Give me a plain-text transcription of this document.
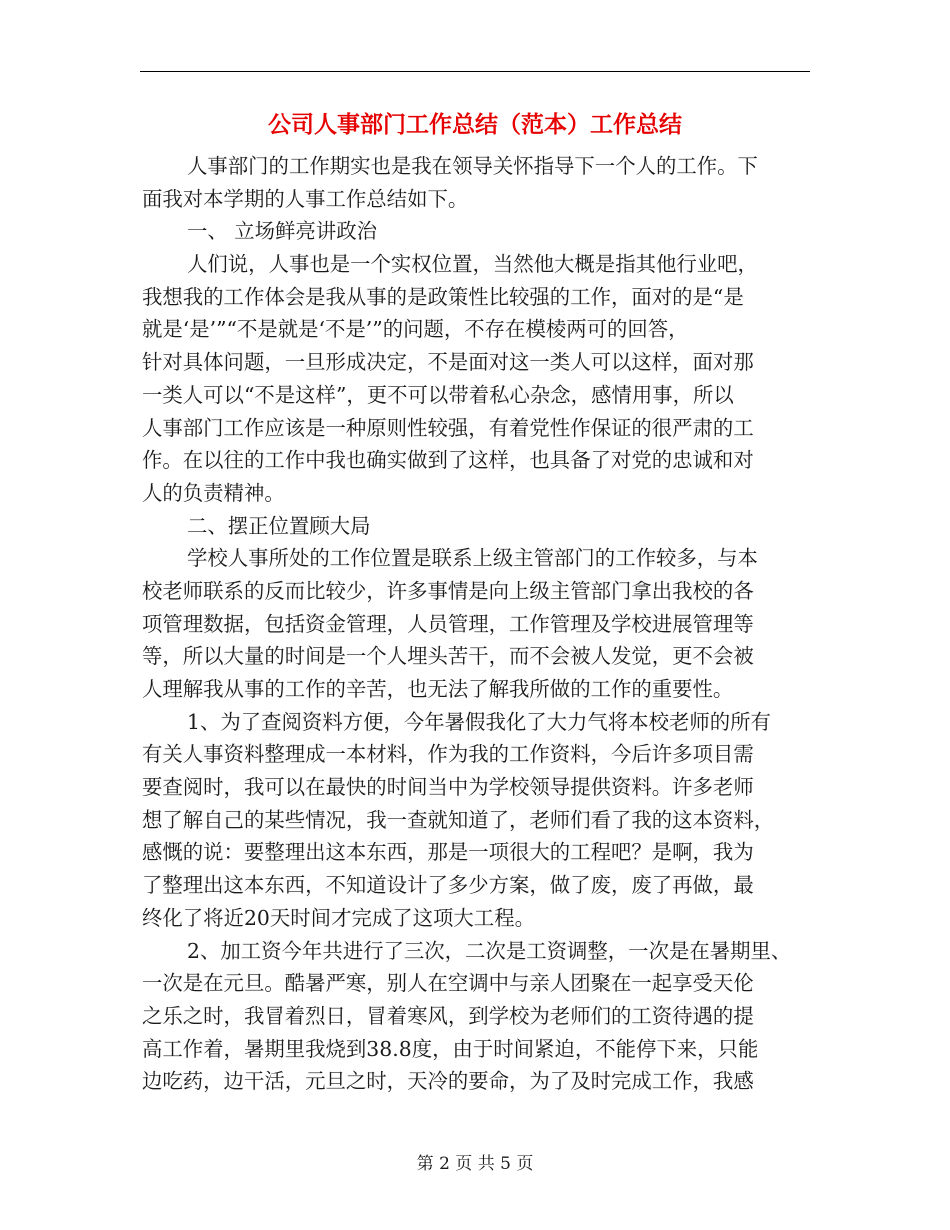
公司人事部门工作总结（范本）工作总结
人事部门的工作期实也是我在领导关怀指导下一个人的工作。下
面我对本学期的人事工作总结如下。
一、 立场鲜亮讲政治
人们说，人事也是一个实权位置，当然他大概是指其他行业吧，
我想我的工作体会是我从事的是政策性比较强的工作，面对的是“是
就是‘是’”“不是就是‘不是’”的问题，不存在模棱两可的回答，
针对具体问题，一旦形成决定，不是面对这一类人可以这样，面对那
一类人可以“不是这样”，更不可以带着私心杂念，感情用事，所以
人事部门工作应该是一种原则性较强，有着党性作保证的很严肃的工
作。在以往的工作中我也确实做到了这样，也具备了对党的忠诚和对
人的负责精神。
二、摆正位置顾大局
学校人事所处的工作位置是联系上级主管部门的工作较多，与本
校老师联系的反而比较少，许多事情是向上级主管部门拿出我校的各
项管理数据，包括资金管理，人员管理，工作管理及学校进展管理等
等，所以大量的时间是一个人埋头苦干，而不会被人发觉，更不会被
人理解我从事的工作的辛苦，也无法了解我所做的工作的重要性。
1、为了查阅资料方便，今年暑假我化了大力气将本校老师的所有
有关人事资料整理成一本材料，作为我的工作资料，今后许多项目需
要查阅时，我可以在最快的时间当中为学校领导提供资料。许多老师
想了解自己的某些情况，我一查就知道了，老师们看了我的这本资料，
感慨的说：要整理出这本东西，那是一项很大的工程吧？是啊，我为
了整理出这本东西，不知道设计了多少方案，做了废，废了再做，最
终化了将近20天时间才完成了这项大工程。
2、加工资今年共进行了三次，二次是工资调整，一次是在暑期里、
一次是在元旦。酷暑严寒，别人在空调中与亲人团聚在一起享受天伦
之乐之时，我冒着烈日，冒着寒风，到学校为老师们的工资待遇的提
高工作着，暑期里我烧到38.8度，由于时间紧迫，不能停下来，只能
边吃药，边干活，元旦之时，天冷的要命，为了及时完成工作，我感
第 2 页 共 5 页
